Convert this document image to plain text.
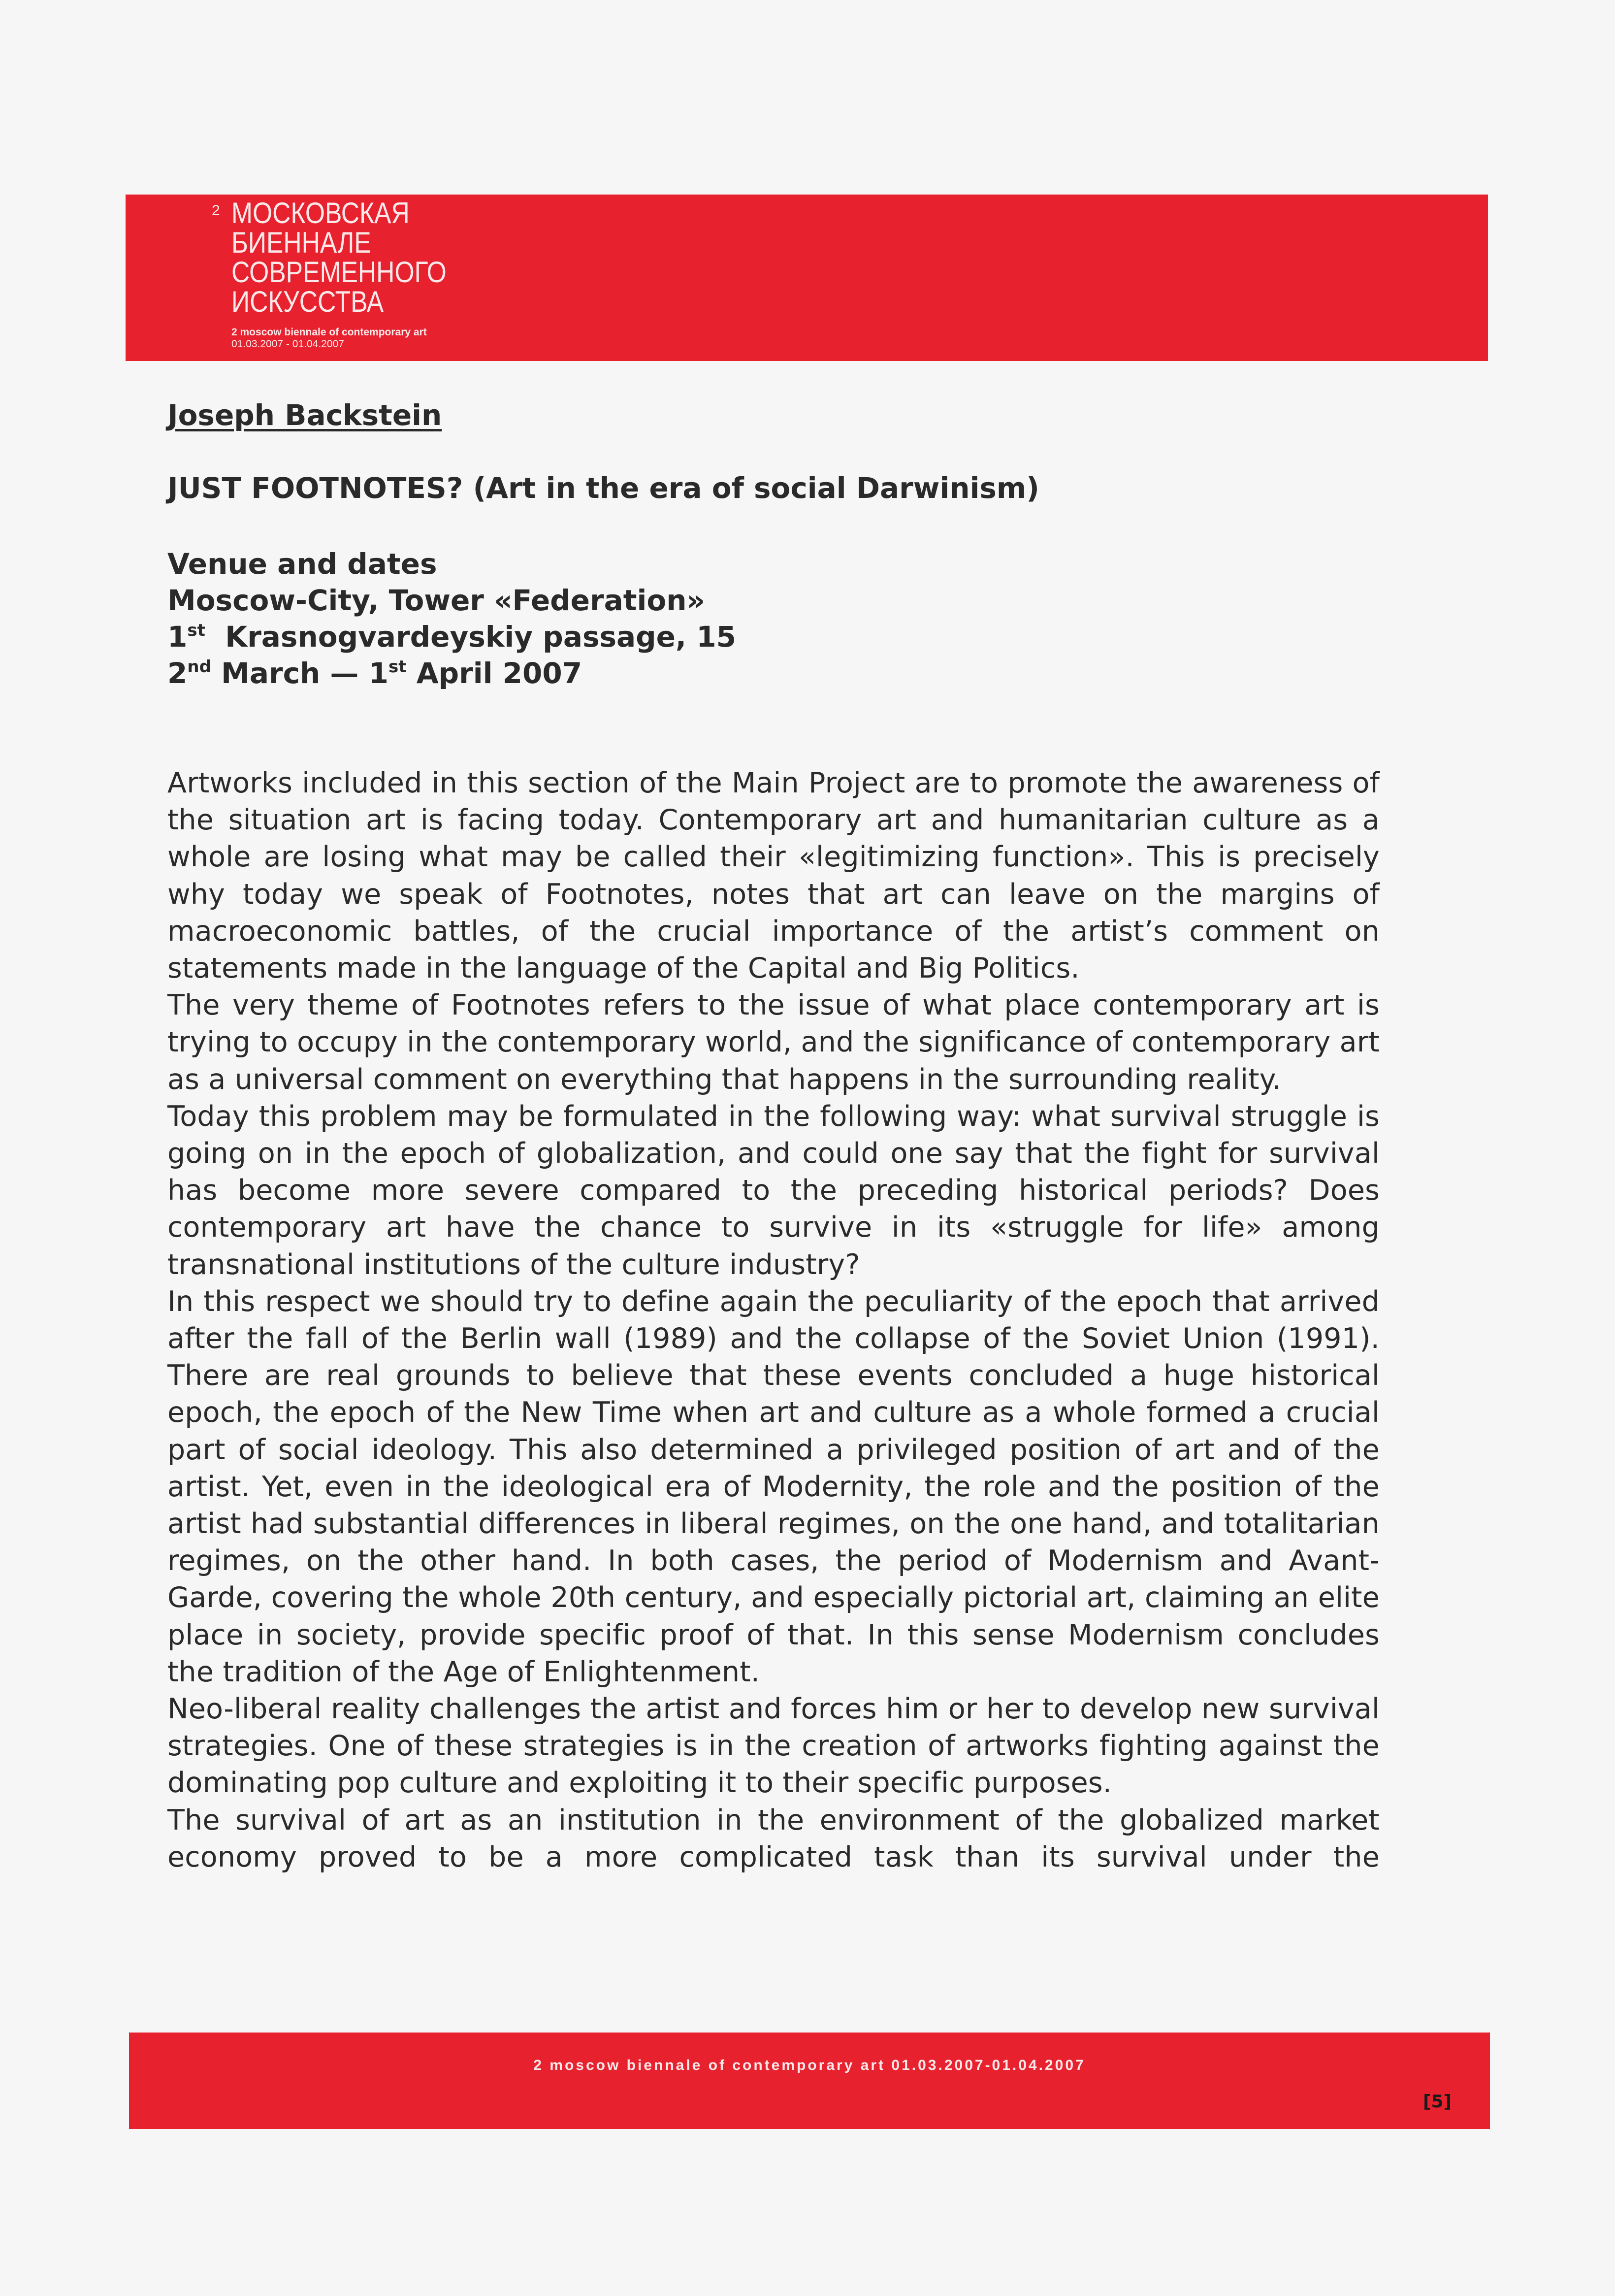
2 МОСКОВСКАЯ
БИЕННАЛЕ
СОВРЕМЕННОГО
ИСКУССТВА
2 moscow biennale of contemporary art
01.03.2007 - 01.04.2007
Joseph Backstein
JUST FOOTNOTES? (Art in the era of social Darwinism)
Venue and dates
Moscow-City, Tower «Federation»
1st Krasnogvardeyskiy passage, 15
2nd March — 1st April 2007

Artworks included in this section of the Main Project are to promote the awareness of the situation art is facing today. Contemporary art and humanitarian culture as a whole are losing what may be called their «legitimizing function». This is precisely why today we speak of Footnotes, notes that art can leave on the margins of macroeconomic battles, of the crucial importance of the artist’s comment on statements made in the language of the Capital and Big Politics.

The very theme of Footnotes refers to the issue of what place contemporary art is trying to occupy in the contemporary world, and the significance of contemporary art as a universal comment on everything that happens in the surrounding reality.

Today this problem may be formulated in the following way: what survival struggle is going on in the epoch of globalization, and could one say that the fight for survival has become more severe compared to the preceding historical periods? Does contemporary art have the chance to survive in its «struggle for life» among transnational institutions of the culture industry?

In this respect we should try to define again the peculiarity of the epoch that arrived after the fall of the Berlin wall (1989) and the collapse of the Soviet Union (1991). There are real grounds to believe that these events concluded a huge historical epoch, the epoch of the New Time when art and culture as a whole formed a crucial part of social ideology. This also determined a privileged position of art and of the artist. Yet, even in the ideological era of Modernity, the role and the position of the artist had substantial differences in liberal regimes, on the one hand, and totalitarian regimes, on the other hand. In both cases, the period of Modernism and Avant-Garde, covering the whole 20th century, and especially pictorial art, claiming an elite place in society, provide specific proof of that. In this sense Modernism concludes the tradition of the Age of Enlightenment.

Neo-liberal reality challenges the artist and forces him or her to develop new survival strategies. One of these strategies is in the creation of artworks fighting against the dominating pop culture and exploiting it to their specific purposes.

The survival of art as an institution in the environment of the globalized market economy proved to be a more complicated task than its survival under the

2 moscow biennale of contemporary art 01.03.2007-01.04.2007
[5]
